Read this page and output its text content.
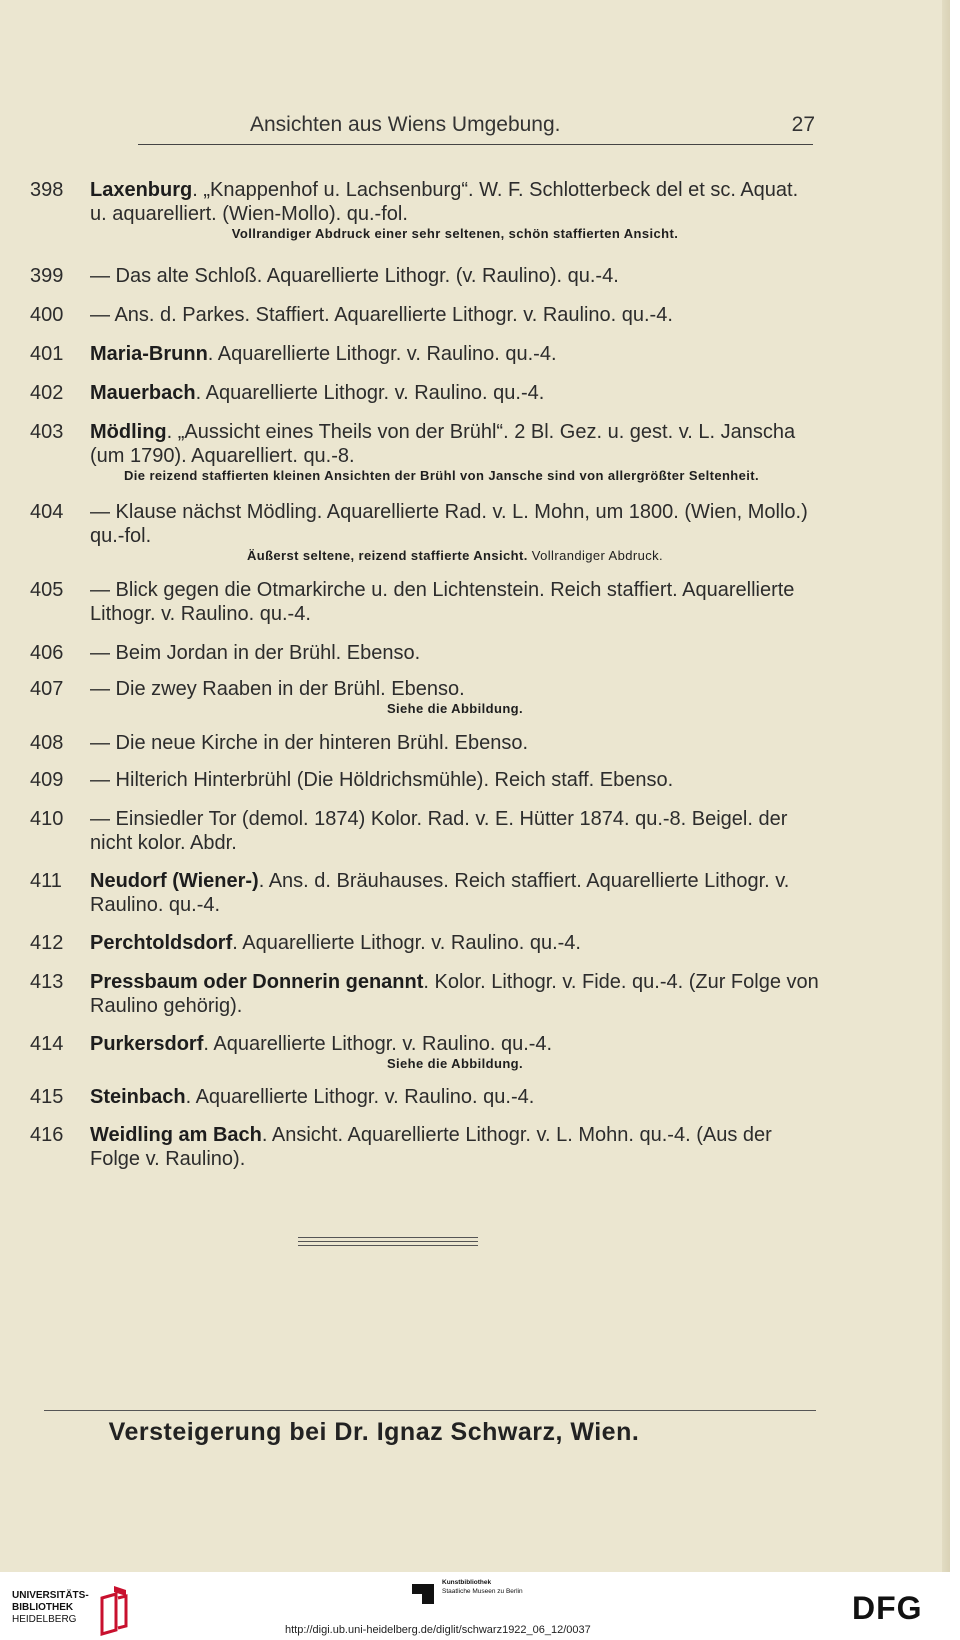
Ansichten aus Wiens Umgebung.	27
398	Laxenburg. „Knappenhof u. Lachsenburg“. W. F. Schlotterbeck del et sc. Aquat. u. aquarelliert. (Wien-Mollo). qu.-fol.
Vollrandiger Abdruck einer sehr seltenen, schön staffierten Ansicht.
399	— Das alte Schloß. Aquarellierte Lithogr. (v. Raulino). qu.-4.
400	— Ans. d. Parkes. Staffiert. Aquarellierte Lithogr. v. Raulino. qu.-4.
401	Maria-Brunn. Aquarellierte Lithogr. v. Raulino. qu.-4.
402	Mauerbach. Aquarellierte Lithogr. v. Raulino. qu.-4.
403	Mödling. „Aussicht eines Theils von der Brühl“. 2 Bl. Gez. u. gest. v. L. Janscha (um 1790). Aquarelliert. qu.-8.
Die reizend staffierten kleinen Ansichten der Brühl von Jansche sind von allergrößter Seltenheit.
404	— Klause nächst Mödling. Aquarellierte Rad. v. L. Mohn, um 1800. (Wien, Mollo.) qu.-fol.
Äußerst seltene, reizend staffierte Ansicht. Vollrandiger Abdruck.
405	— Blick gegen die Otmarkirche u. den Lichtenstein. Reich staffiert. Aquarellierte Lithogr. v. Raulino. qu.-4.
406	— Beim Jordan in der Brühl. Ebenso.
407	— Die zwey Raaben in der Brühl. Ebenso.
Siehe die Abbildung.
408	— Die neue Kirche in der hinteren Brühl. Ebenso.
409	— Hilterich Hinterbrühl (Die Höldrichsmühle). Reich staff. Ebenso.
410	— Einsiedler Tor (demol. 1874) Kolor. Rad. v. E. Hütter 1874. qu.-8. Beigel. der nicht kolor. Abdr.
411	Neudorf (Wiener-). Ans. d. Bräuhauses. Reich staffiert. Aquarellierte Lithogr. v. Raulino. qu.-4.
412	Perchtoldsdorf. Aquarellierte Lithogr. v. Raulino. qu.-4.
413	Pressbaum oder Donnerin genannt. Kolor. Lithogr. v. Fide. qu.-4. (Zur Folge von Raulino gehörig).
414	Purkersdorf. Aquarellierte Lithogr. v. Raulino. qu.-4.
Siehe die Abbildung.
415	Steinbach. Aquarellierte Lithogr. v. Raulino. qu.-4.
416	Weidling am Bach. Ansicht. Aquarellierte Lithogr. v. L. Mohn. qu.-4. (Aus der Folge v. Raulino).
Versteigerung bei Dr. Ignaz Schwarz, Wien.
UNIVERSITÄTS-
BIBLIOTHEK
HEIDELBERG
Kunstbibliothek
Staatliche Museen zu Berlin	DFG
http://digi.ub.uni-heidelberg.de/diglit/schwarz1922_06_12/0037
